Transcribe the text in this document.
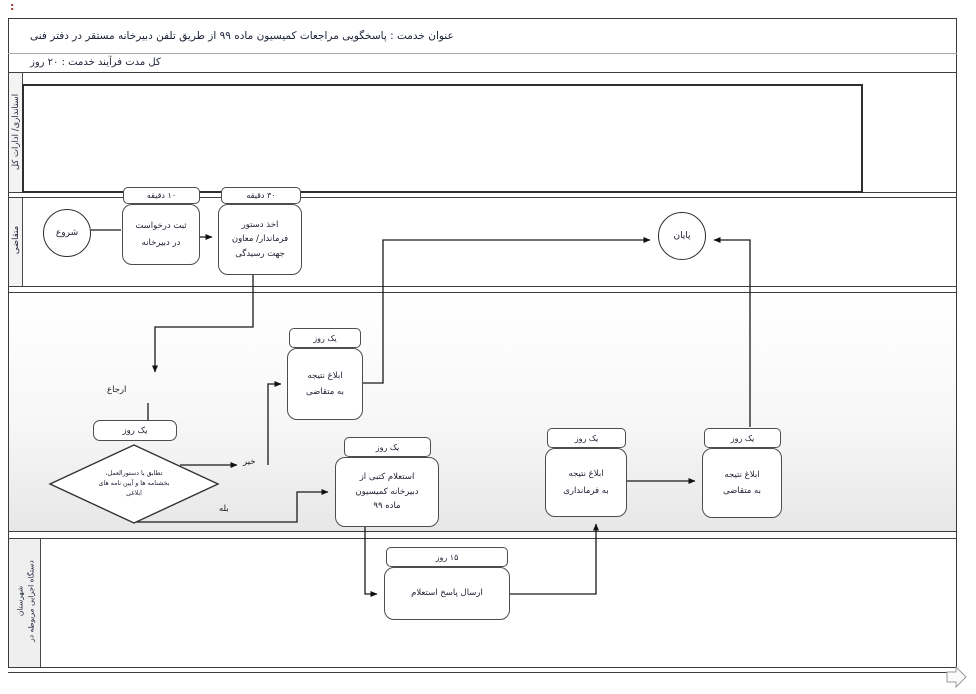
:
عنوان خدمت : پاسخگویی مراجعات کمیسیون ماده ۹۹ از طریق تلفن دبیرخانه مستقر در دفتر فنی
کل مدت فرآیند خدمت : ۲۰ روز
استانداری/ ادارات کل
متقاضی
دستگاه اجرایی مربوطه در
شهرستان
شروع	پایان
۱۰ دقیقه
ثبت درخواست
در دبیرخانه
۳۰ دقیقه
اخذ دستور
فرماندار/ معاون
جهت رسیدگی
یک روز
ابلاغ نتیجه
به متقاضی
ارجاع
یک روز
تطابق با دستورالعمل،
بخشنامه ها و آیین نامه های
ابلاغی
خیر
بله
یک روز
استعلام کتبی از
دبیرخانه کمیسیون
ماده ۹۹
۱۵ روز
ارسال پاسخ استعلام
یک روز
ابلاغ نتیجه
به فرمانداری
یک روز
ابلاغ نتیجه
به متقاضی
